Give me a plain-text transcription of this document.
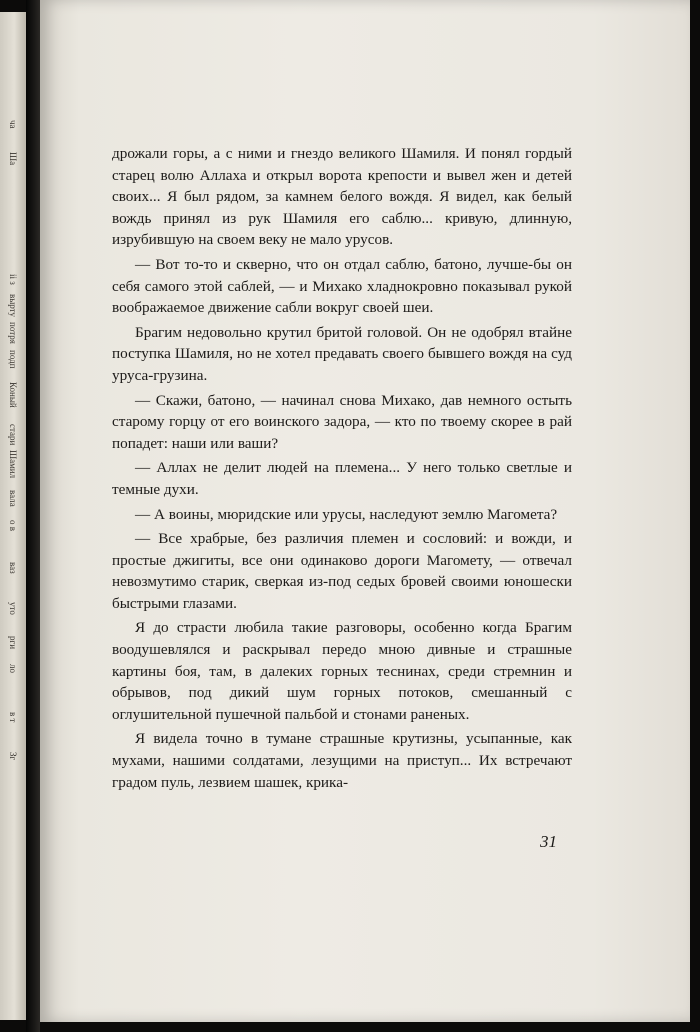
ча
Ша
ii з
вырту
потря
подп
Коный
стари
Шамил
вала
о в
ваз
уто
рги
ло
в т
Зг

дрожали горы, а с ними и гнездо великого Шамиля. И понял гордый старец волю Аллаха и открыл ворота крепости и вывел жен и детей своих... Я был рядом, за камнем белого вождя. Я видел, как белый вождь принял из рук Шамиля его саблю... кривую, длинную, изрубившую на своем веку не мало урусов.

— Вот то-то и скверно, что он отдал саблю, батоно, лучше-бы он себя самого этой саблей, — и Михако хладнокровно показывал рукой воображаемое движение сабли вокруг своей шеи.

Брагим недовольно крутил бритой головой. Он не одобрял втайне поступка Шамиля, но не хотел предавать своего бывшего вождя на суд уруса-грузина.

— Скажи, батоно, — начинал снова Михако, дав немного остыть старому горцу от его воинского задора, — кто по твоему скорее в рай попадет: наши или ваши?

— Аллах не делит людей на племена... У него только светлые и темные духи.

— А воины, мюридские или урусы, наследуют землю Магомета?

— Все храбрые, без различия племен и сословий: и вожди, и простые джигиты, все они одинаково дороги Магомету, — отвечал невозмутимо старик, сверкая из-под седых бровей своими юношески быстрыми глазами.

Я до страсти любила такие разговоры, особенно когда Брагим воодушевлялся и раскрывал передо мною дивные и страшные картины боя, там, в далеких горных теснинах, среди стремнин и обрывов, под дикий шум горных потоков, смешанный с оглушительной пушечной пальбой и стонами раненых.

Я видела точно в тумане страшные крутизны, усыпанные, как мухами, нашими солдатами, лезущими на приступ... Их встречают градом пуль, лезвием шашек, крика-

31
